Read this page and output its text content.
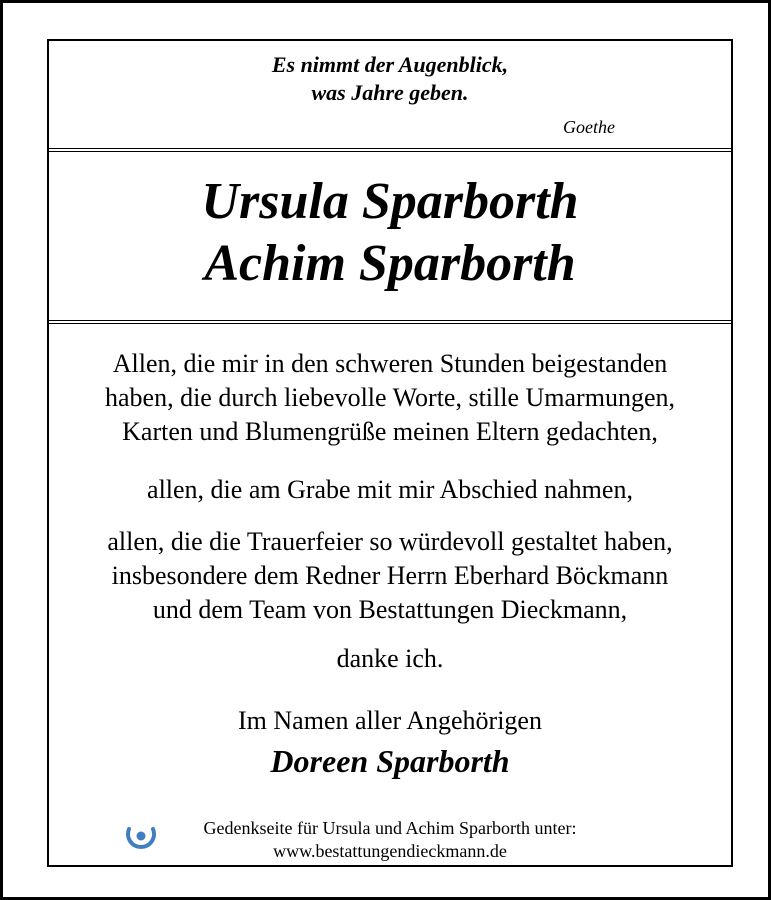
Es nimmt der Augenblick,
was Jahre geben.
Goethe
Ursula Sparborth
Achim Sparborth
Allen, die mir in den schweren Stunden beigestanden
haben, die durch liebevolle Worte, stille Umarmungen,
Karten und Blumengrüße meinen Eltern gedachten,
allen, die am Grabe mit mir Abschied nahmen,
allen, die die Trauerfeier so würdevoll gestaltet haben,
insbesondere dem Redner Herrn Eberhard Böckmann
und dem Team von Bestattungen Dieckmann,
danke ich.
Im Namen aller Angehörigen
Doreen Sparborth
Gedenkseite für Ursula und Achim Sparborth unter:
www.bestattungendieckmann.de
